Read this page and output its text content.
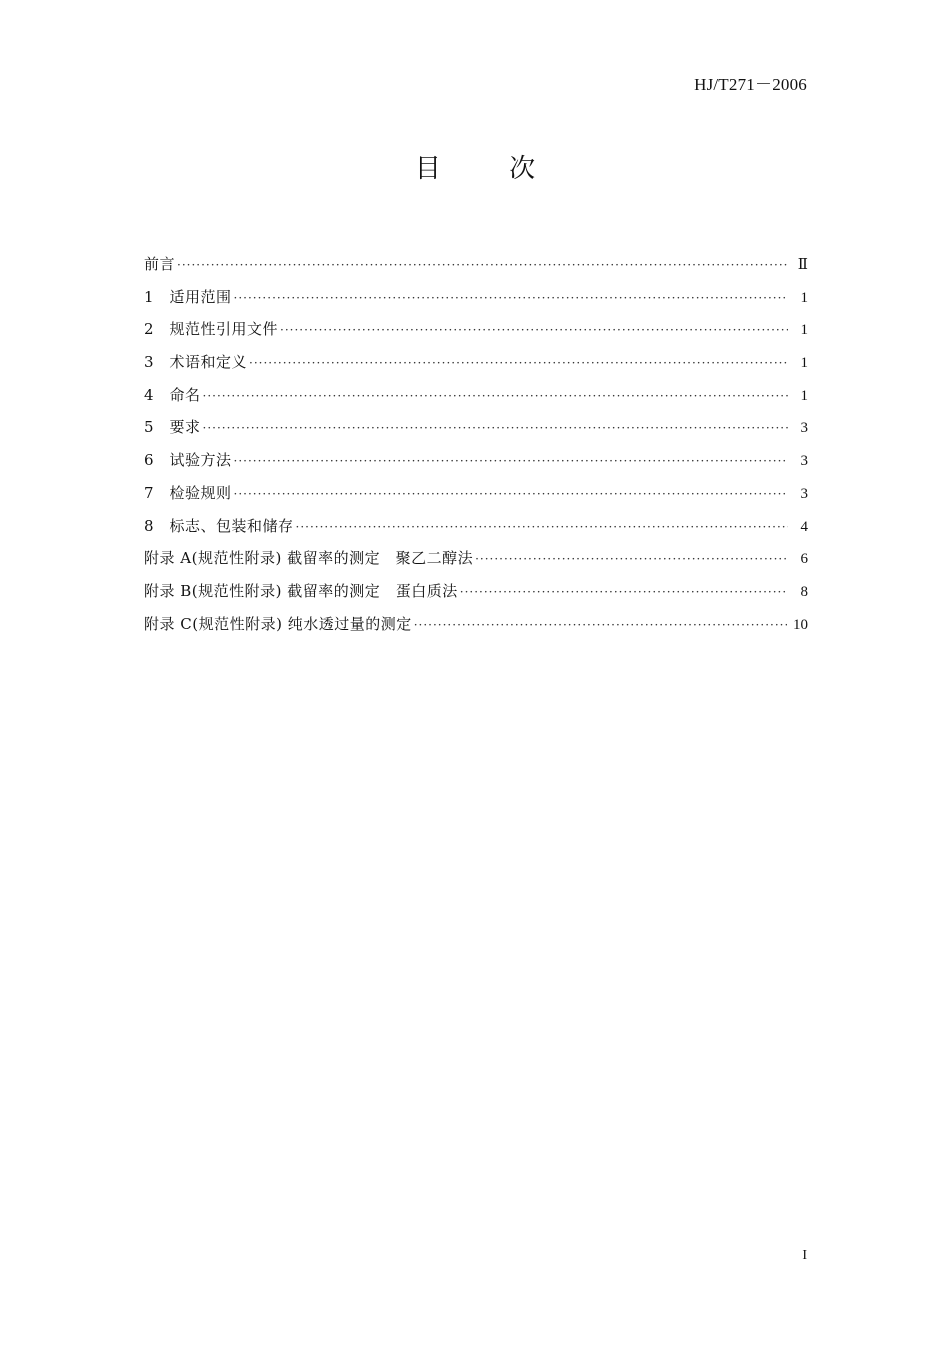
HJ/T271－2006
目 次
前言 ·····	Ⅱ
1　适用范围 ·····	1
2　规范性引用文件 ·····	1
3　术语和定义 ·····	1
4　命名 ·····	1
5　要求 ·····	3
6　试验方法 ·····	3
7　检验规则 ·····	3
8　标志、包装和储存 ·····	4
附录 A(规范性附录) 截留率的测定　聚乙二醇法 ·····	6
附录 B(规范性附录) 截留率的测定　蛋白质法 ·····	8
附录 C(规范性附录) 纯水透过量的测定 ·····	10
I
